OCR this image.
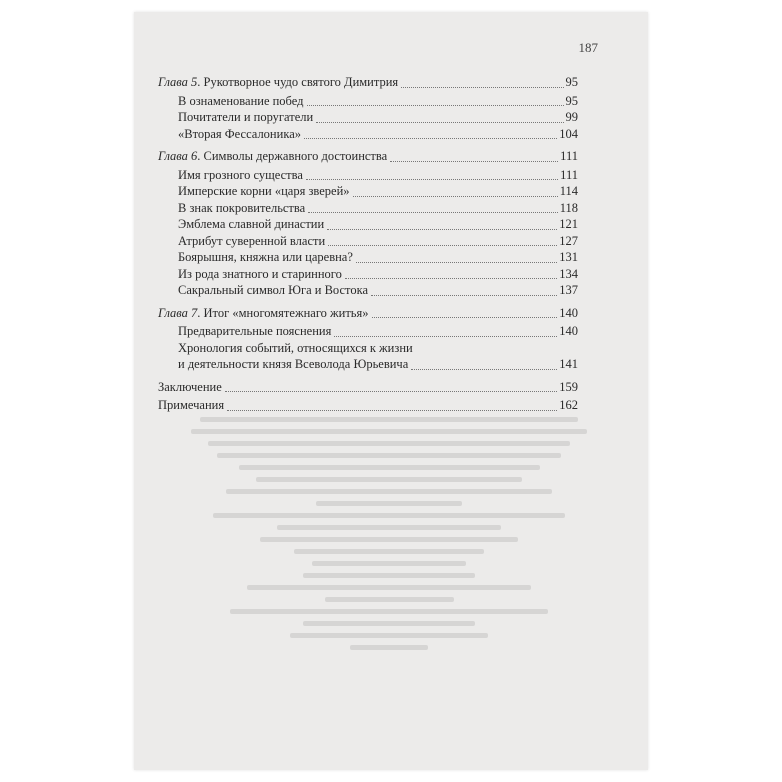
187
Глава 5. Рукотворное чудо святого Димитрия	95
В ознаменование побед	95
Почитатели и поругатели	99
«Вторая Фессалоника»	104
Глава 6. Символы державного достоинства	111
Имя грозного существа	111
Имперские корни «царя зверей»	114
В знак покровительства	118
Эмблема славной династии	121
Атрибут суверенной власти	127
Боярышня, княжна или царевна?	131
Из рода знатного и старинного	134
Сакральный символ Юга и Востока	137
Глава 7. Итог «многомятежнаго житья»	140
Предварительные пояснения	140
Хронология событий, относящихся к жизни
и деятельности князя Всеволода Юрьевича	141
Заключение	159
Примечания	162
